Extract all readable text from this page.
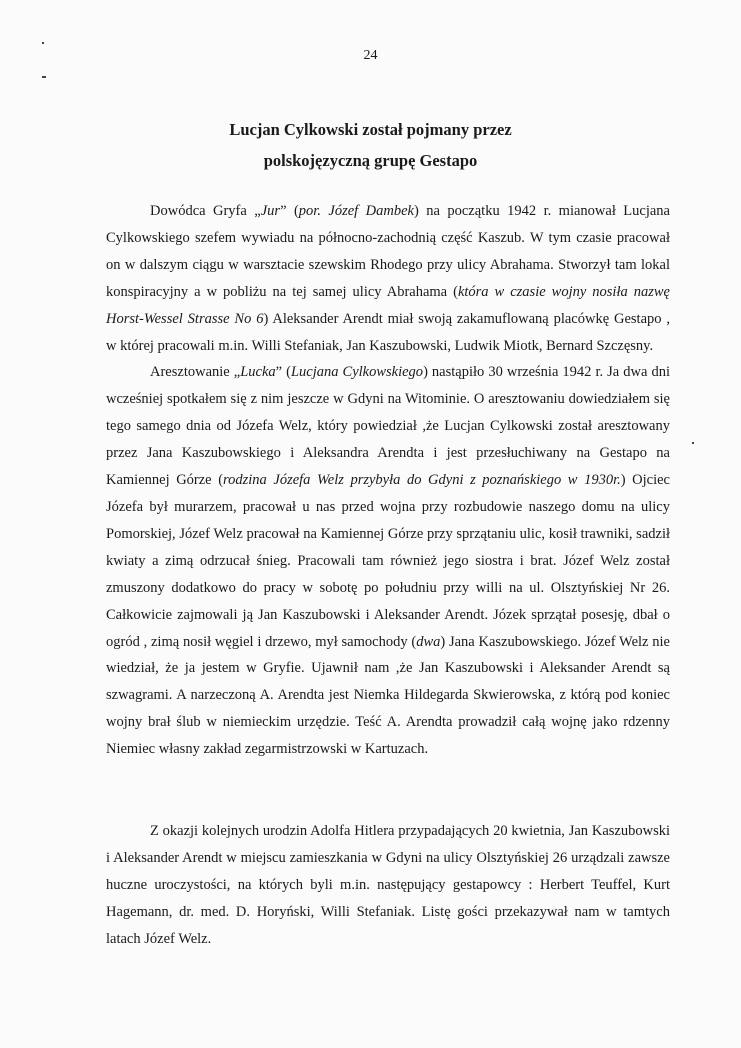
24
Lucjan Cylkowski został pojmany przez
polskojęzyczną grupę Gestapo

Dowódca Gryfa „Jur” (por. Józef Dambek) na początku 1942 r. mianował Lucjana Cylkowskiego szefem wywiadu na północno-zachodnią część Kaszub. W tym czasie pracował on w dalszym ciągu w warsztacie szewskim Rhodego przy ulicy Abrahama. Stworzył tam lokal konspiracyjny a w pobliżu na tej samej ulicy Abrahama (która w czasie wojny nosiła nazwę Horst-Wessel Strasse No 6) Aleksander Arendt miał swoją zakamuflowaną placówkę Gestapo , w której pracowali m.in. Willi Stefaniak, Jan Kaszubowski, Ludwik Miotk, Bernard Szczęsny.

Aresztowanie „Lucka” (Lucjana Cylkowskiego) nastąpiło 30 września 1942 r. Ja dwa dni wcześniej spotkałem się z nim jeszcze w Gdyni na Witominie. O aresztowaniu dowiedziałem się tego samego dnia od Józefa Welz, który powiedział ,że Lucjan Cylkowski został aresztowany przez Jana Kaszubowskiego i Aleksandra Arendta i jest przesłuchiwany na Gestapo na Kamiennej Górze (rodzina Józefa Welz przybyła do Gdyni z poznańskiego w 1930r.) Ojciec Józefa był murarzem, pracował u nas przed wojna przy rozbudowie naszego domu na ulicy Pomorskiej, Józef Welz pracował na Kamiennej Górze przy sprzątaniu ulic, kosił trawniki, sadził kwiaty a zimą odrzucał śnieg. Pracowali tam również jego siostra i brat. Józef Welz został zmuszony dodatkowo do pracy w sobotę po południu przy willi na ul. Olsztyńskiej Nr 26. Całkowicie zajmowali ją Jan Kaszubowski i Aleksander Arendt. Józek sprzątał posesję, dbał o ogród , zimą nosił węgiel i drzewo, mył samochody (dwa) Jana Kaszubowskiego. Józef Welz nie wiedział, że ja jestem w Gryfie. Ujawnił nam ,że Jan Kaszubowski i Aleksander Arendt są szwagrami. A narzeczoną A. Arendta jest Niemka Hildegarda Skwierowska, z którą pod koniec wojny brał ślub w niemieckim urzędzie. Teść A. Arendta prowadził całą wojnę jako rdzenny Niemiec własny zakład zegarmistrzowski w Kartuzach.

Z okazji kolejnych urodzin Adolfa Hitlera przypadających 20 kwietnia, Jan Kaszubowski i Aleksander Arendt w miejscu zamieszkania w Gdyni na ulicy Olsztyńskiej 26 urządzali zawsze huczne uroczystości, na których byli m.in. następujący gestapowcy : Herbert Teuffel, Kurt Hagemann, dr. med. D. Horyński, Willi Stefaniak. Listę gości przekazywał nam w tamtych latach Józef Welz.
